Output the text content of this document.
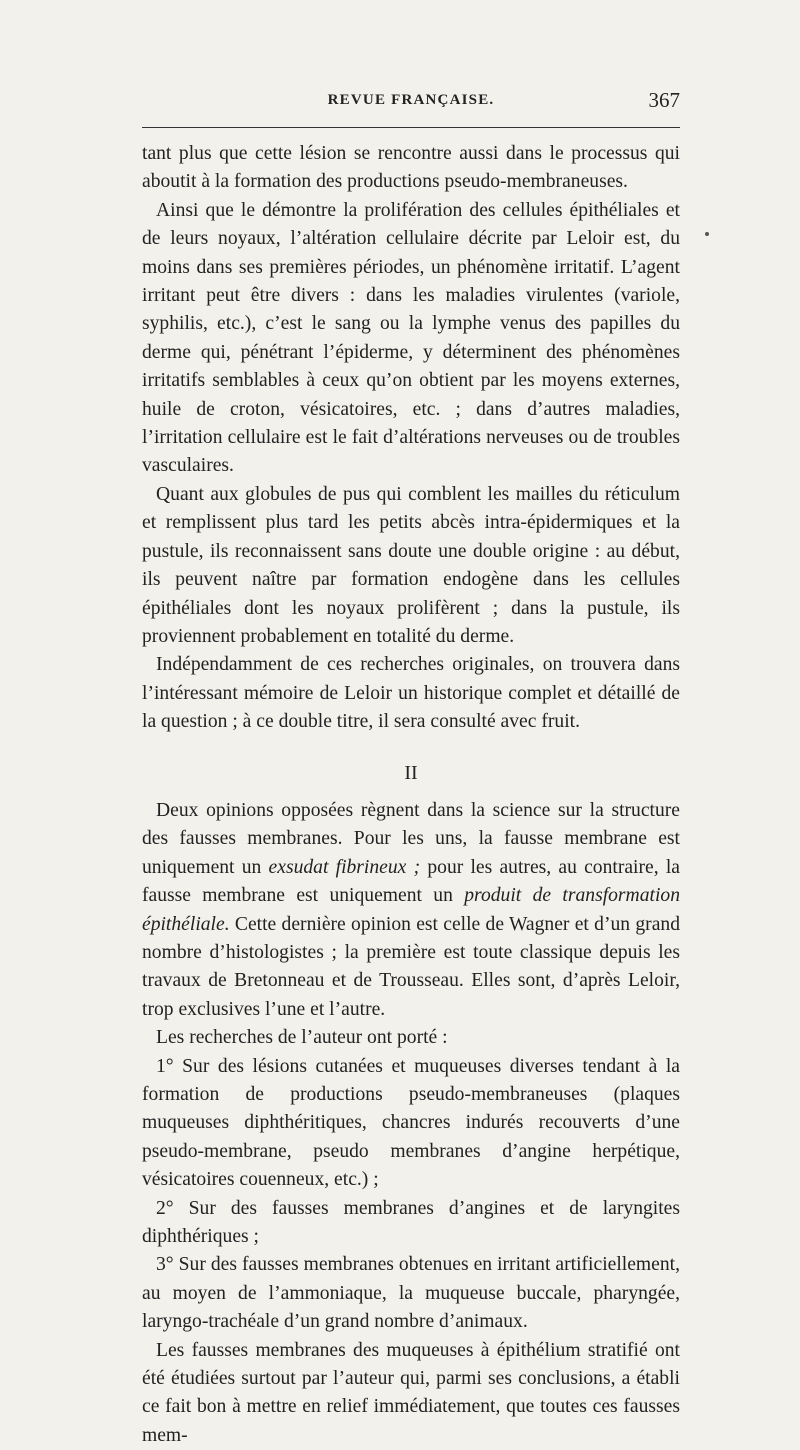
REVUE FRANÇAISE.	367

tant plus que cette lésion se rencontre aussi dans le processus qui aboutit à la formation des productions pseudo-membraneuses.

Ainsi que le démontre la prolifération des cellules épithéliales et de leurs noyaux, l’altération cellulaire décrite par Leloir est, du moins dans ses premières périodes, un phénomène irritatif. L’agent irritant peut être divers : dans les maladies virulentes (variole, syphilis, etc.), c’est le sang ou la lymphe venus des papilles du derme qui, pénétrant l’épiderme, y déterminent des phénomènes irritatifs semblables à ceux qu’on obtient par les moyens externes, huile de croton, vésicatoires, etc. ; dans d’autres maladies, l’irritation cellulaire est le fait d’altérations nerveuses ou de troubles vasculaires.

Quant aux globules de pus qui comblent les mailles du réticulum et remplissent plus tard les petits abcès intra-épidermiques et la pustule, ils reconnaissent sans doute une double origine : au début, ils peuvent naître par formation endogène dans les cellules épithéliales dont les noyaux prolifèrent ; dans la pustule, ils proviennent probablement en totalité du derme.

Indépendamment de ces recherches originales, on trouvera dans l’intéressant mémoire de Leloir un historique complet et détaillé de la question ; à ce double titre, il sera consulté avec fruit.

II

Deux opinions opposées règnent dans la science sur la structure des fausses membranes. Pour les uns, la fausse membrane est uniquement un exsudat fibrineux ; pour les autres, au contraire, la fausse membrane est uniquement un produit de transformation épithéliale. Cette dernière opinion est celle de Wagner et d’un grand nombre d’histologistes ; la première est toute classique depuis les travaux de Bretonneau et de Trousseau. Elles sont, d’après Leloir, trop exclusives l’une et l’autre.

Les recherches de l’auteur ont porté :

1° Sur des lésions cutanées et muqueuses diverses tendant à la formation de productions pseudo-membraneuses (plaques muqueuses diphthéritiques, chancres indurés recouverts d’une pseudo-membrane, pseudo membranes d’angine herpétique, vésicatoires couenneux, etc.) ;

2° Sur des fausses membranes d’angines et de laryngites diphthériques ;

3° Sur des fausses membranes obtenues en irritant artificiellement, au moyen de l’ammoniaque, la muqueuse buccale, pharyngée, laryngo-trachéale d’un grand nombre d’animaux.

Les fausses membranes des muqueuses à épithélium stratifié ont été étudiées surtout par l’auteur qui, parmi ses conclusions, a établi ce fait bon à mettre en relief immédiatement, que toutes ces fausses mem-
